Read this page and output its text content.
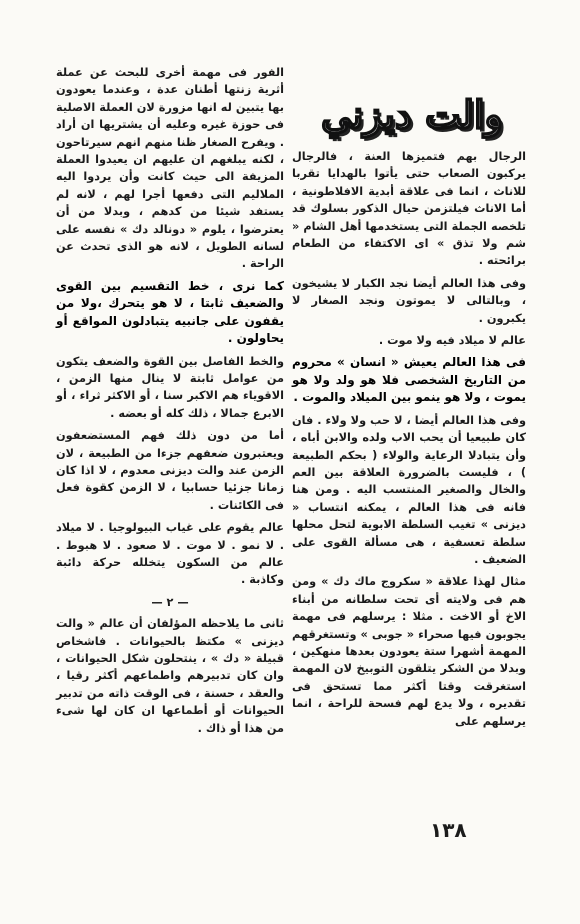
والت ديزني

الرجال بهم فتميزها العنة ، فالرجال يركبون الصعاب حتى يأتوا بالهدايا تقربا للاناث ، انما فى علاقة أبدية الافلاطونية ، أما الاناث فيلتزمن حيال الذكور بسلوك قد تلخصه الجملة التى يستخدمها أهل الشام « شم ولا تذق » اى الاكتفاء من الطعام برائحته .

وفى هذا العالم أيضا نجد الكبار لا يشيخون ، وبالتالى لا يموتون ونجد الصغار لا يكبرون .

عالم لا ميلاد فيه ولا موت .

فى هذا العالم يعيش « انسان » محروم من التاريخ الشخصى فلا هو ولد ولا هو يموت ، ولا هو ينمو بين الميلاد والموت .

وفى هذا العالم أيضا ، لا حب ولا ولاء . فان كان طبيعيا أن يحب الاب ولده والابن أباه ، وأن يتبادلا الرعاية والولاء ( بحكم الطبيعة ) ، فليست بالضرورة العلاقة بين العم والخال والصغير المنتسب اليه . ومن هنا فانه فى هذا العالم ، يمكنه انتساب « ديزنى » تغيب السلطة الابوية لتحل محلها سلطة تعسفية ، هى مسألة القوى على الضعيف .

مثال لهذا علاقة « سكروج ماك دك » ومن هم فى ولايته أى تحت سلطانه من أبناء الاخ أو الاخت . مثلا : يرسلهم فى مهمة يجوبون فيها صحراء « جوبى » وتستغرقهم المهمة أشهرا ستة يعودون بعدها منهكين ، وبدلا من الشكر يتلقون التوبيخ لان المهمة استغرقت وقتا أكثر مما تستحق فى تقديره ، ولا يدع لهم فسحة للراحة ، انما يرسلهم على

الفور فى مهمة أخرى للبحث عن عملة أثرية زنتها أطنان عدة ، وعندما يعودون بها يتبين له انها مزورة لان العملة الاصلية فى حوزة غيره وعليه أن يشتريها ان أراد . ويفرح الصغار ظنا منهم انهم سيرتاحون ، لكنه يبلغهم ان عليهم ان يعيدوا العملة المزيفة الى حيث كانت وأن يردوا اليه الملاليم التى دفعها أجرا لهم ، لانه لم يستفد شيئا من كدهم ، وبدلا من أن يعترضوا ، يلوم « دونالد دك » نفسه على لسانه الطويل ، لانه هو الذى تحدث عن الراحة .

كما نرى ، خط التقسيم بين القوى والضعيف ثابتا ، لا هو يتحرك ،ولا من يقفون على جانبيه يتبادلون المواقع أو يحاولون .

والخط الفاصل بين القوة والضعف يتكون من عوامل ثابتة لا ينال منها الزمن ، الاقوياء هم الاكبر سنا ، أو الاكثر ثراء ، أو الابرع جمالا ، ذلك كله أو بعضه .

أما من دون ذلك فهم المستضعفون ويعتبرون ضعفهم جزءا من الطبيعة ، لان الزمن عند والت ديزنى معدوم ، لا اذا كان زمانا جزئيا حسابيا ، لا الزمن كقوة فعل فى الكائنات .

عالم يقوم على غياب البيولوجيا . لا ميلاد . لا نمو . لا موت . لا صعود . لا هبوط . عالم من السكون يتخلله حركة دائبة وكاذبة .

— ٢ —

ثانى ما يلاحظه المؤلفان أن عالم « والت ديزنى » مكتظ بالحيوانات . فاشخاص قبيلة « دك » ، ينتحلون شكل الحيوانات ، وان كان تدبيرهم واطماعهم أكثر رقيا ، والعقد ، حسنة ، فى الوقت ذاته من تدبير الحيوانات أو أطماعها ان كان لها شىء من هذا أو ذاك .

١٣٨
